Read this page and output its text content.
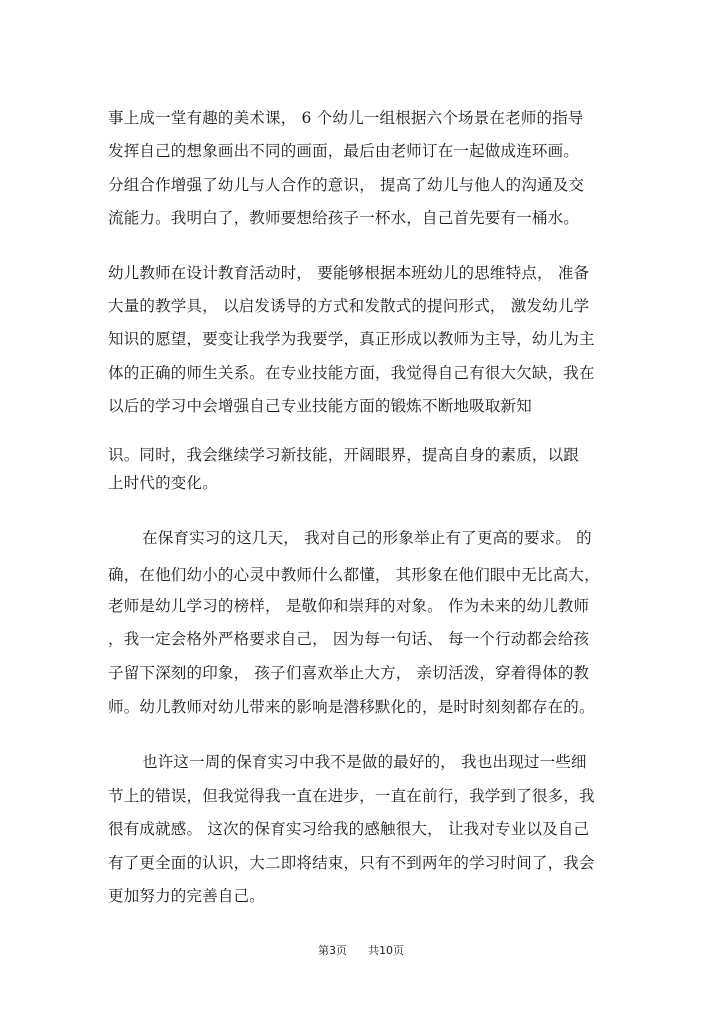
事上成一堂有趣的美术课， 6 个幼儿一组根据六个场景在老师的指导
发挥自己的想象画出不同的画面，最后由老师订在一起做成连环画。
分组合作增强了幼儿与人合作的意识， 提高了幼儿与他人的沟通及交
流能力。我明白了，教师要想给孩子一杯水，自己首先要有一桶水。
幼儿教师在设计教育活动时， 要能够根据本班幼儿的思维特点， 准备
大量的教学具， 以启发诱导的方式和发散式的提问形式， 激发幼儿学
知识的愿望，要变让我学为我要学，真正形成以教师为主导，幼儿为主
体的正确的师生关系。在专业技能方面，我觉得自己有很大欠缺，我在
以后的学习中会增强自己专业技能方面的锻炼不断地吸取新知
识。同时，我会继续学习新技能，开阔眼界，提高自身的素质，以跟
上时代的变化。
在保育实习的这几天， 我对自己的形象举止有了更高的要求。 的
确，在他们幼小的心灵中教师什么都懂， 其形象在他们眼中无比高大，
老师是幼儿学习的榜样， 是敬仰和崇拜的对象。 作为未来的幼儿教师
，我一定会格外严格要求自己， 因为每一句话、 每一个行动都会给孩
子留下深刻的印象， 孩子们喜欢举止大方， 亲切活泼，穿着得体的教
师。幼儿教师对幼儿带来的影响是潜移默化的，是时时刻刻都存在的。
也许这一周的保育实习中我不是做的最好的， 我也出现过一些细
节上的错误，但我觉得我一直在进步，一直在前行，我学到了很多，我
很有成就感。 这次的保育实习给我的感触很大， 让我对专业以及自己
有了更全面的认识，大二即将结束，只有不到两年的学习时间了，我会
更加努力的完善自己。
第3页 共10页
